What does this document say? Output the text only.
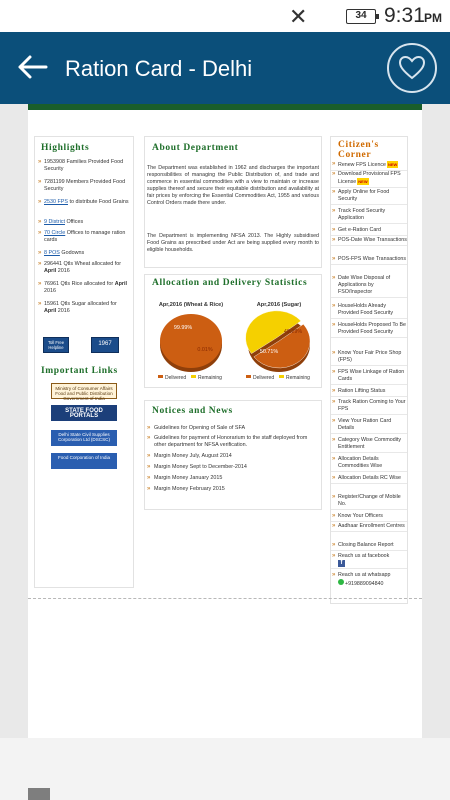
✕	34 9:31 PM
Ration Card - Delhi
Highlights
» 1953908 Families Provided Food Security
» 7281199 Members Provided Food Security
» 2530 FPS to distribute Food Grains
» 9 District Offices
» 70 Circle Offices to manage ration cards
» 8 POS Godowns
» 296441 Qtls Wheat allocated for April 2016
» 76961 Qtls Rice allocated for April 2016
» 15961 Qtls Sugar allocated for April 2016
Toll Free Helpline
1967
Important Links
Ministry of Consumer Affairs Food and Public Distribution Government of India
STATE FOOD PORTALS
Delhi State Civil Supplies Corporation Ltd (DSCSC)
Food Corporation of India
About Department
The Department was established in 1962 and discharges the important responsibilities of managing the Public Distribution of, and trade and commerce in essential commodities with a view to maintain or increase supplies thereof and secure their equitable distribution and availability at fair prices by enforcing the Essential Commodities Act, 1955 and various Control Orders made there under.
The Department is implementing NFSA 2013. The Highly subsidised Food Grains as prescribed under Act are being supplied every month to eligible households.
Allocation and Delivery Statistics
Apr,2016 (Wheat & Rice)
99.99%
0.01%
Delivered Remaining
Apr,2016 (Sugar)
50.71%
49.29%
Delivered Remaining
Notices and News
» Guidelines for Opening of Sale of SFA
» Guidelines for payment of Honorarium to the staff deployed from other department for NFSA verification.
» Margin Money July, August 2014
» Margin Money Sept to December-2014
» Margin Money January 2015
» Margin Money February 2015
Citizen's Corner
» Renew FPS Licence NEW
» Download Provisional FPS License NEW
» Apply Online for Food Security
» Track Food Security Application
» Get e-Ration Card
» POS-Date Wise Transactions
» POS-FPS Wise Transactions
» Date Wise Disposal of Applications by FSO/Inspector
» HouseHolds Already Provided Food Security
» HouseHolds Proposed To Be Provided Food Security
» Know Your Fair Price Shop (FPS)
» FPS Wise Linkage of Ration Cards
» Ration Lifting Status
» Track Ration Coming to Your FPS
» View Your Ration Card Details
» Category Wise Commodity Entitlement
» Allocation Details Commodities Wise
» Allocation Details RC Wise
» Register/Change of Mobile No.
» Know Your Officers
» Aadhaar Enrollment Centres
» Closing Balance Report
» Reach us at facebook
f
» Reach us at whatsapp
+919889094840
